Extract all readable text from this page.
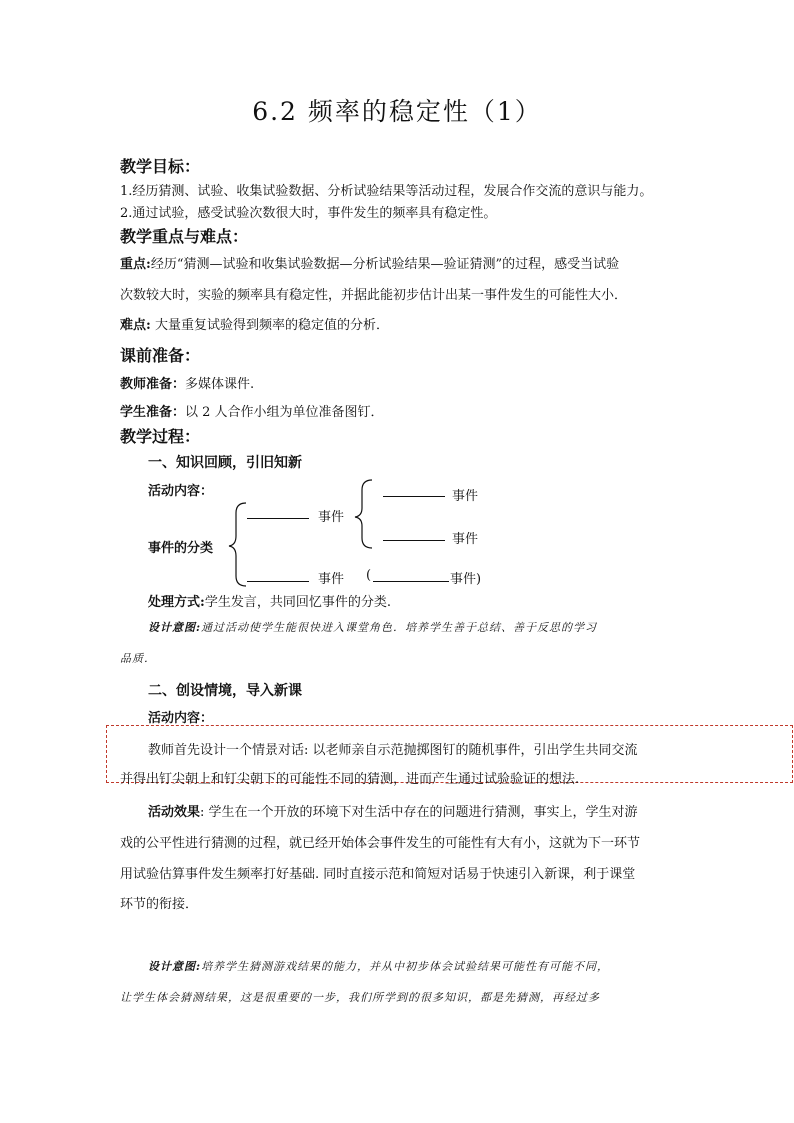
6.2 频率的稳定性（1）
教学目标：
1.经历猜测、试验、收集试验数据、分析试验结果等活动过程，发展合作交流的意识与能力。
2.通过试验，感受试验次数很大时，事件发生的频率具有稳定性。
教学重点与难点：
重点:经历“猜测—试验和收集试验数据—分析试验结果—验证猜测”的过程，感受当试验
次数较大时，实验的频率具有稳定性，并据此能初步估计出某一事件发生的可能性大小．
难点: 大量重复试验得到频率的稳定值的分析．
课前准备：
教师准备：多媒体课件.
学生准备：以 2 人合作小组为单位准备图钉．
教学过程：
一、知识回顾，引旧知新
活动内容：
事件的分类
事件
事件
事件
事件 (	事件)
处理方式:学生发言，共同回忆事件的分类.
设计意图:通过活动使学生能很快进入课堂角色．培养学生善于总结、善于反思的学习
品质．
二、创设情境，导入新课
活动内容：
教师首先设计一个情景对话: 以老师亲自示范抛掷图钉的随机事件，引出学生共同交流
并得出钉尖朝上和钉尖朝下的可能性不同的猜测，进而产生通过试验验证的想法.
活动效果: 学生在一个开放的环境下对生活中存在的问题进行猜测，事实上，学生对游
戏的公平性进行猜测的过程，就已经开始体会事件发生的可能性有大有小，这就为下一环节
用试验估算事件发生频率打好基础. 同时直接示范和简短对话易于快速引入新课，利于课堂
环节的衔接．
设计意图:培养学生猜测游戏结果的能力，并从中初步体会试验结果可能性有可能不同，
让学生体会猜测结果，这是很重要的一步，我们所学到的很多知识，都是先猜测，再经过多
